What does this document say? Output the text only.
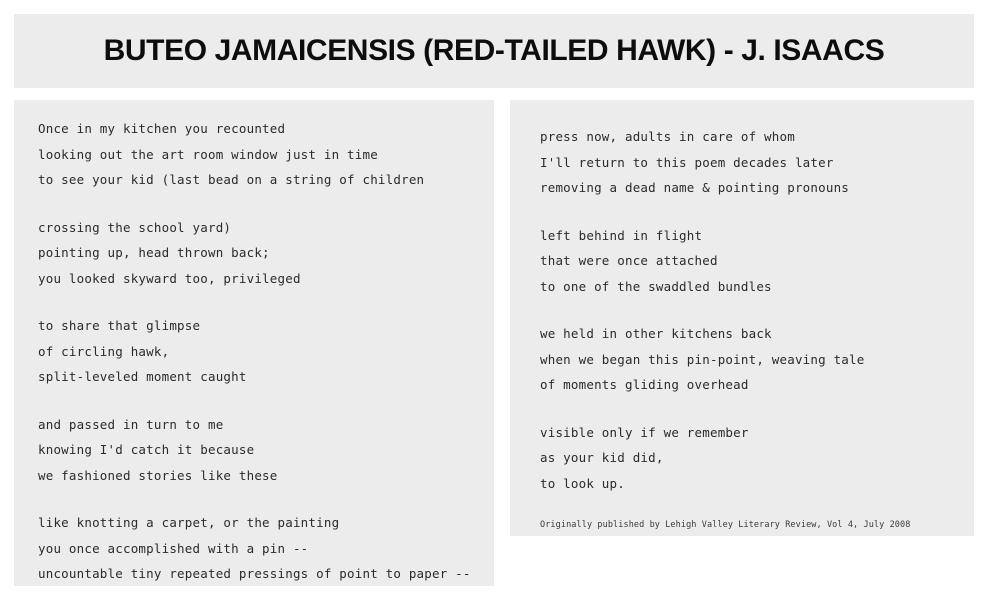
BUTEO JAMAICENSIS (RED-TAILED HAWK) - J. ISAACS
Once in my kitchen you recounted
looking out the art room window just in time
to see your kid (last bead on a string of children
crossing the school yard)
pointing up, head thrown back;
you looked skyward too, privileged
to share that glimpse
of circling hawk,
split-leveled moment caught
and passed in turn to me
knowing I'd catch it because
we fashioned stories like these
like knotting a carpet, or the painting
you once accomplished with a pin --
uncountable tiny repeated pressings of point to paper --
press now, adults in care of whom
I'll return to this poem decades later
removing a dead name & pointing pronouns
left behind in flight
that were once attached
to one of the swaddled bundles
we held in other kitchens back
when we began this pin-point, weaving tale
of moments gliding overhead
visible only if we remember
as your kid did,
to look up.
Originally published by Lehigh Valley Literary Review, Vol 4, July 2008
